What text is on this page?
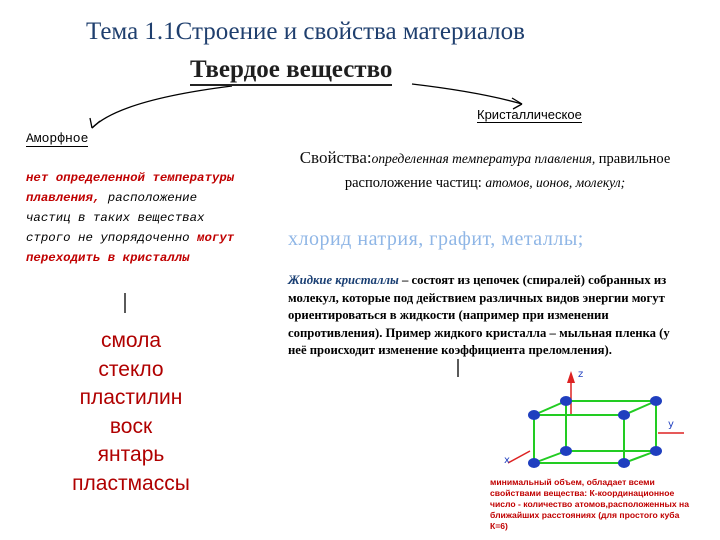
Тема 1.1Строение и свойства материалов
Твердое вещество
Аморфное
Кристаллическое
нет определенной температуры плавления, расположение частиц в таких веществах строго не упорядоченно могут переходить в кристаллы
смола
стекло
пластилин
воск
янтарь
пластмассы
Свойства:определенная температура плавления, правильное расположение частиц: атомов, ионов, молекул;
хлорид натрия, графит, металлы;
Жидкие кристаллы – состоят из цепочек (спиралей) собранных из молекул, которые под действием различных видов энергии могут ориентироваться в жидкости (например при изменении сопротивления). Пример жидкого кристалла – мыльная пленка (у неё происходит изменение коэффициента преломления).
z
y
x
минимальный объем, обладает всеми свойствами вещества: К-координационное число - количество атомов,расположенных на ближайших расстояниях (для простого куба К=6)
